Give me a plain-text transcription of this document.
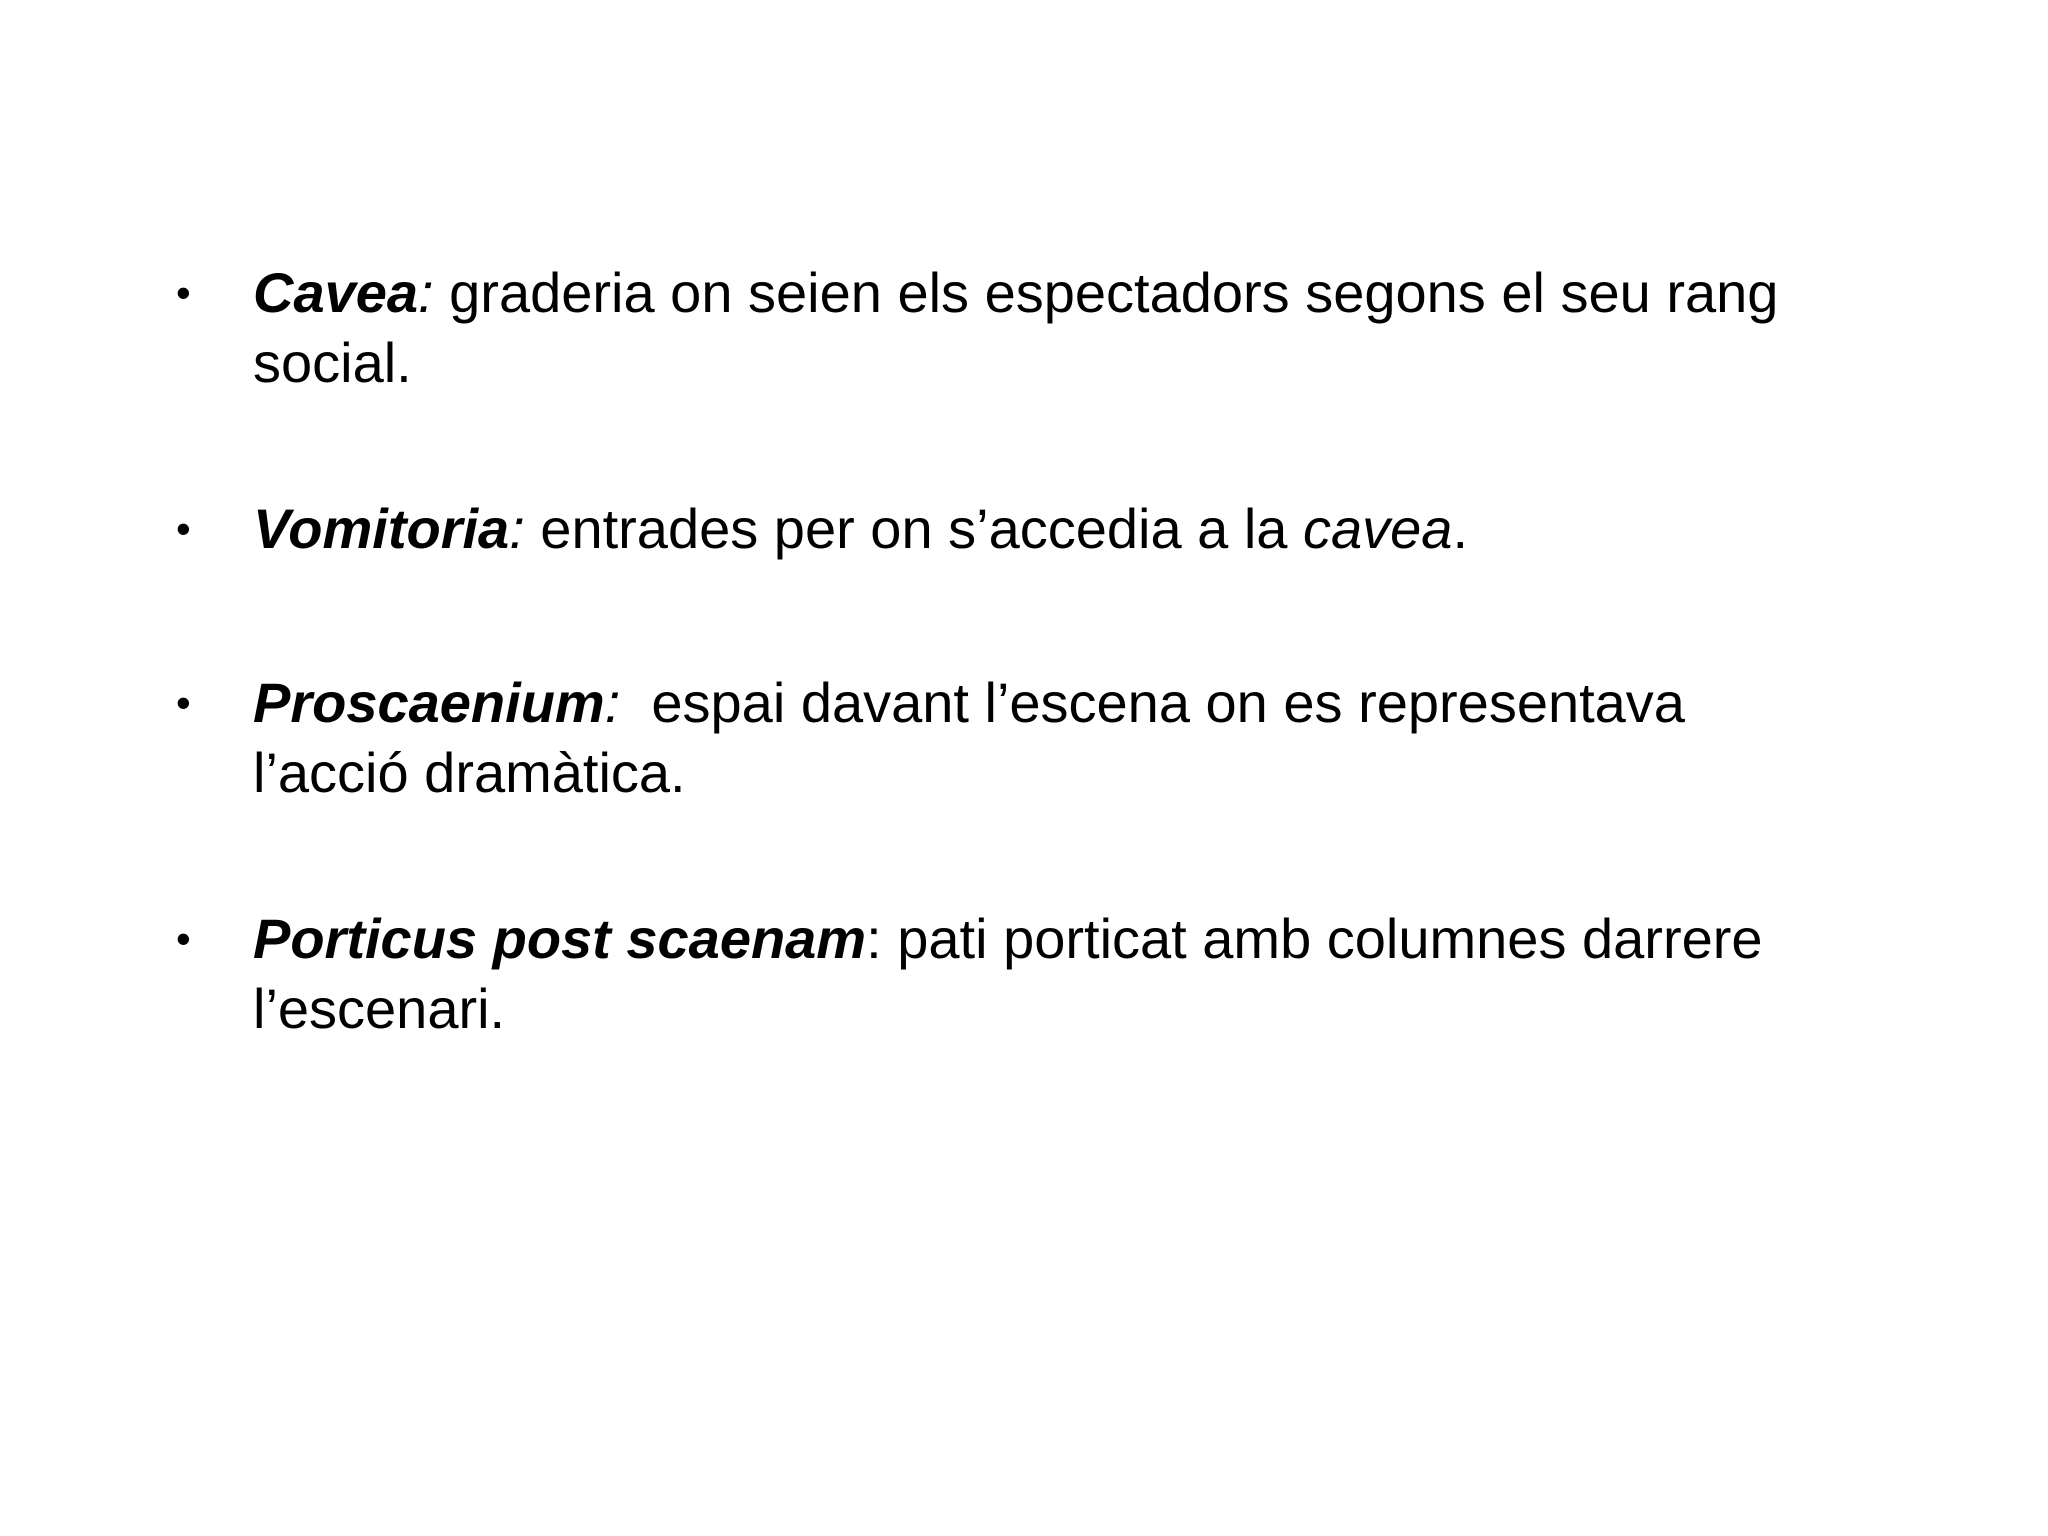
• Cavea: graderia on seien els espectadors segons el seu rang
social.
• Vomitoria: entrades per on s’accedia a la cavea.
• Proscaenium:  espai davant l’escena on es representava
l’acció dramàtica.
• Porticus post scaenam: pati porticat amb columnes darrere
l’escenari.
